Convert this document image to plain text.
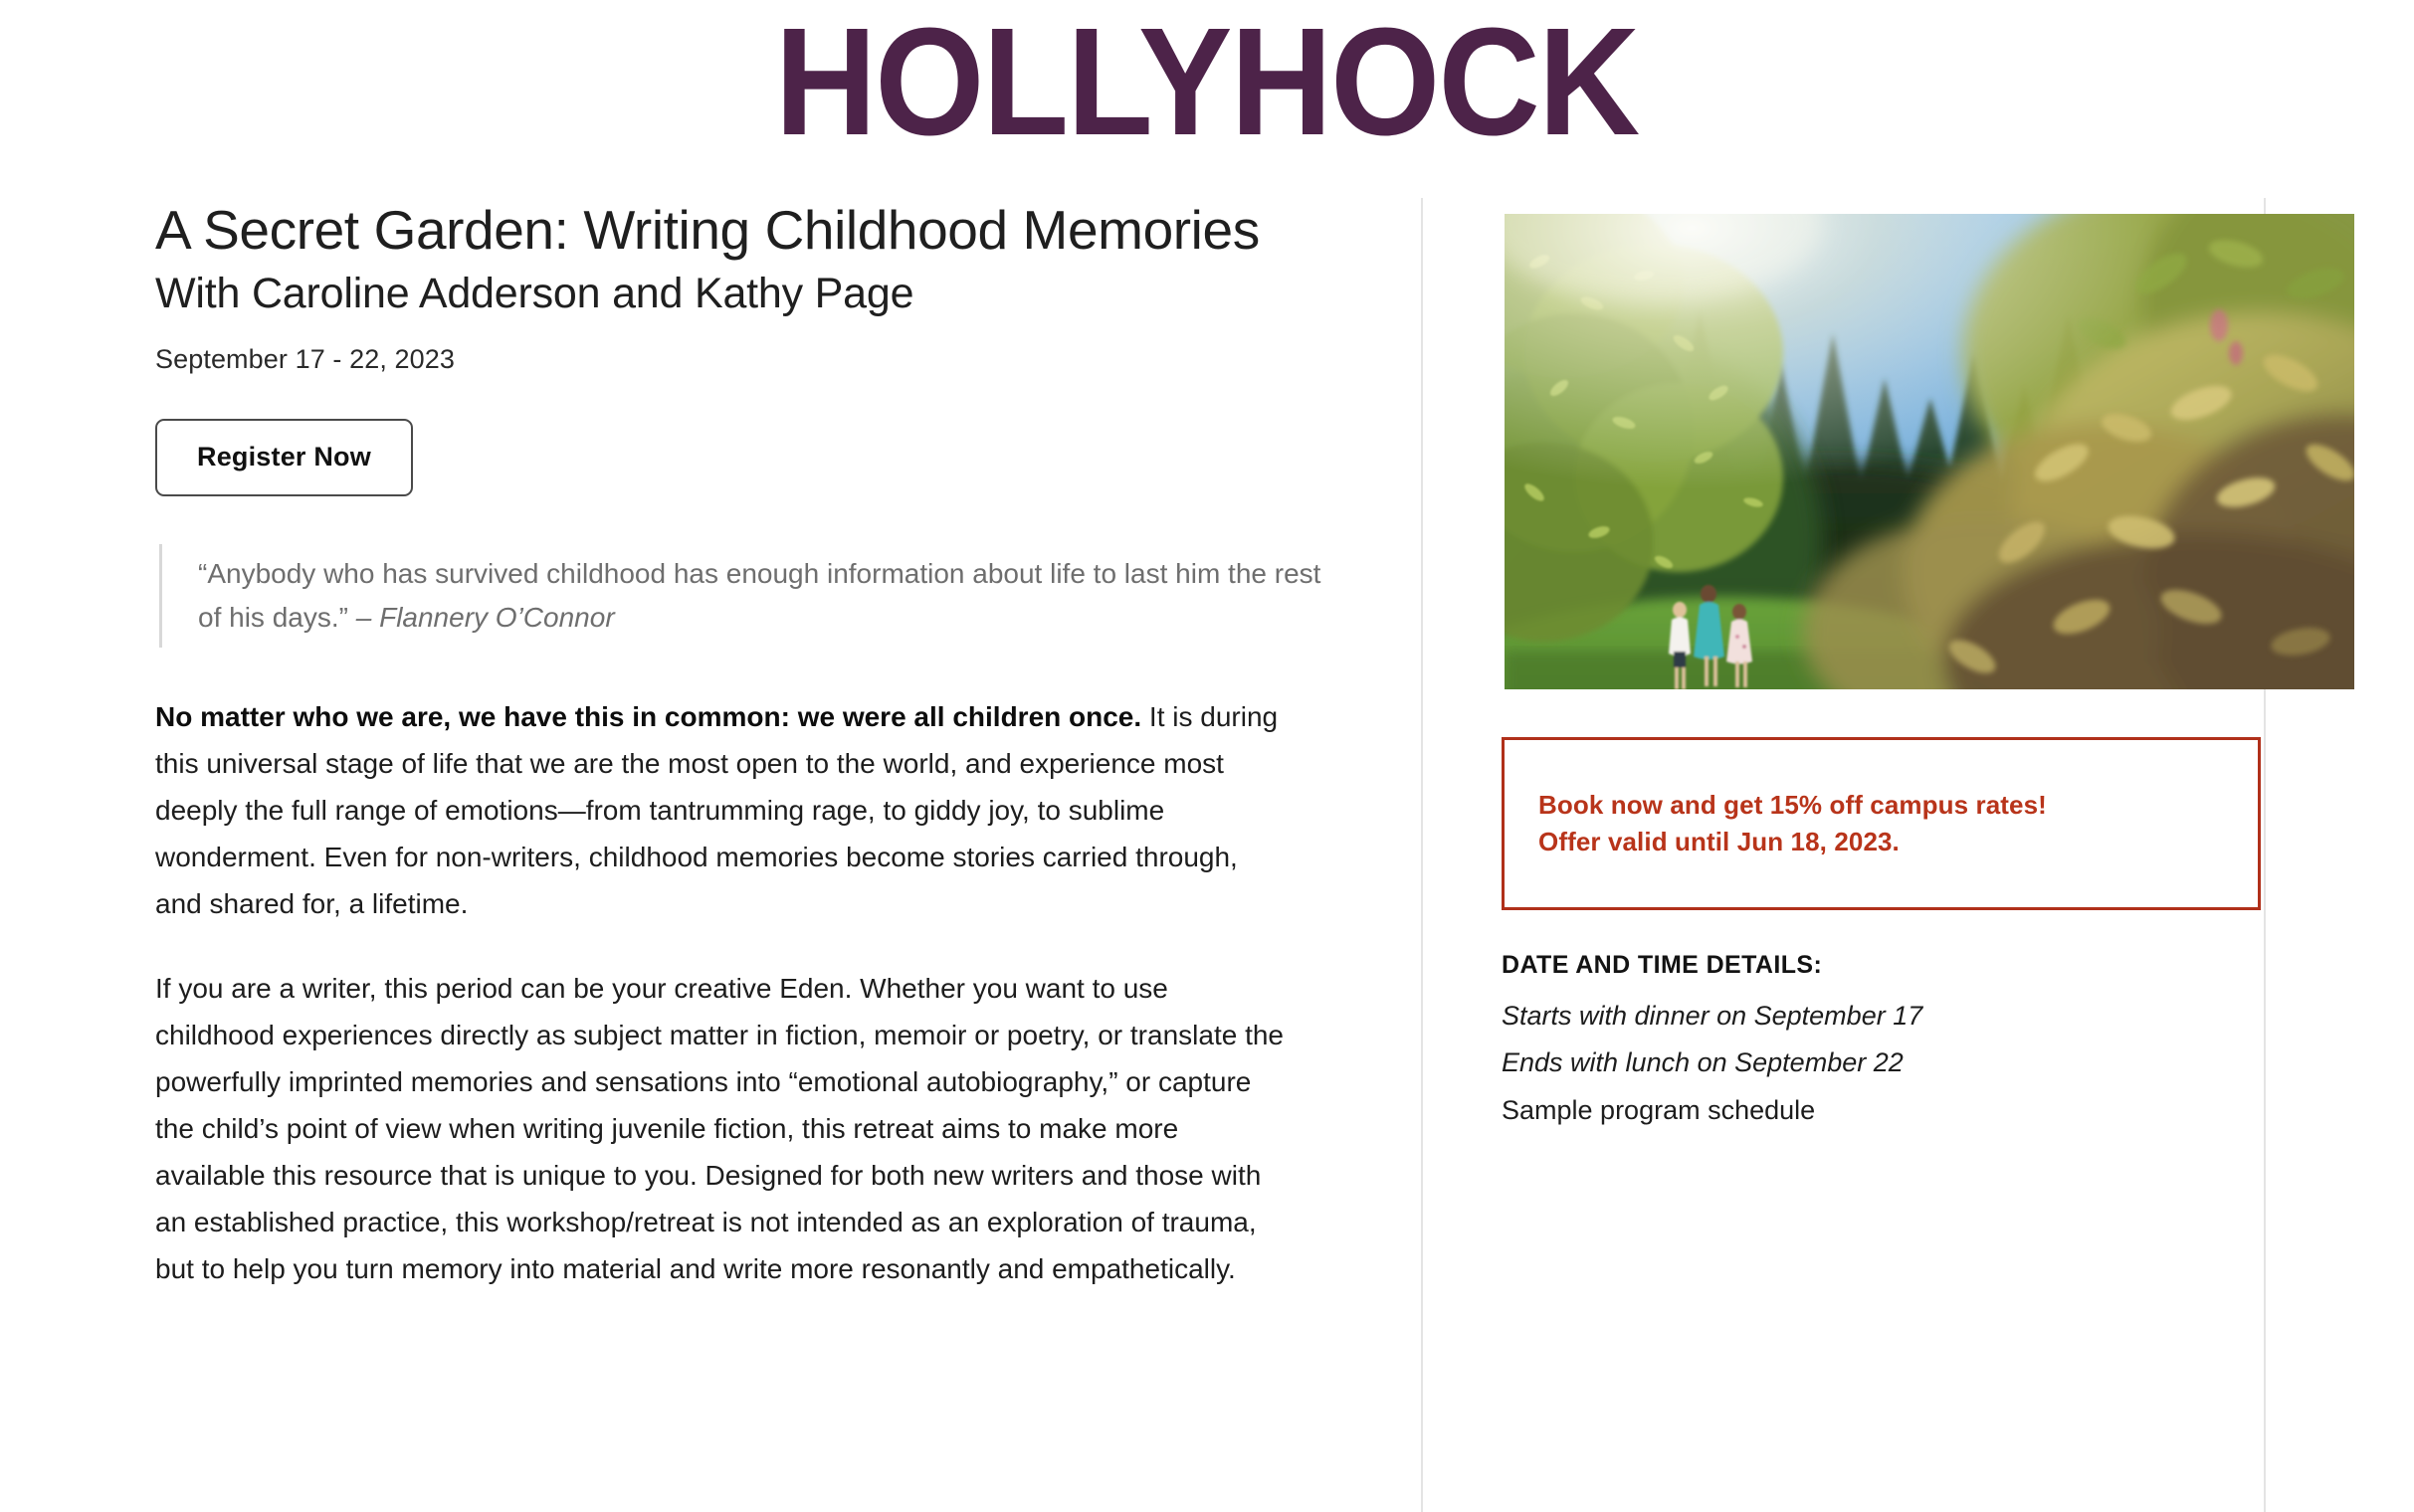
HOLLYHOCK
A Secret Garden: Writing Childhood Memories
With Caroline Adderson and Kathy Page
September 17 - 22, 2023
Register Now

“Anybody who has survived childhood has enough information about life to last him the rest of his days.” – Flannery O’Connor

No matter who we are, we have this in common: we were all children once. It is during this universal stage of life that we are the most open to the world, and experience most deeply the full range of emotions—from tantrumming rage, to giddy joy, to sublime wonderment. Even for non-writers, childhood memories become stories carried through, and shared for, a lifetime.

If you are a writer, this period can be your creative Eden. Whether you want to use childhood experiences directly as subject matter in fiction, memoir or poetry, or translate the powerfully imprinted memories and sensations into “emotional autobiography,” or capture the child’s point of view when writing juvenile fiction, this retreat aims to make more available this resource that is unique to you. Designed for both new writers and those with an established practice, this workshop/retreat is not intended as an exploration of trauma, but to help you turn memory into material and write more resonantly and empathetically.

Book now and get 15% off campus rates!

Offer valid until Jun 18, 2023.

DATE AND TIME DETAILS:
Starts with dinner on September 17
Ends with lunch on September 22
Sample program schedule
